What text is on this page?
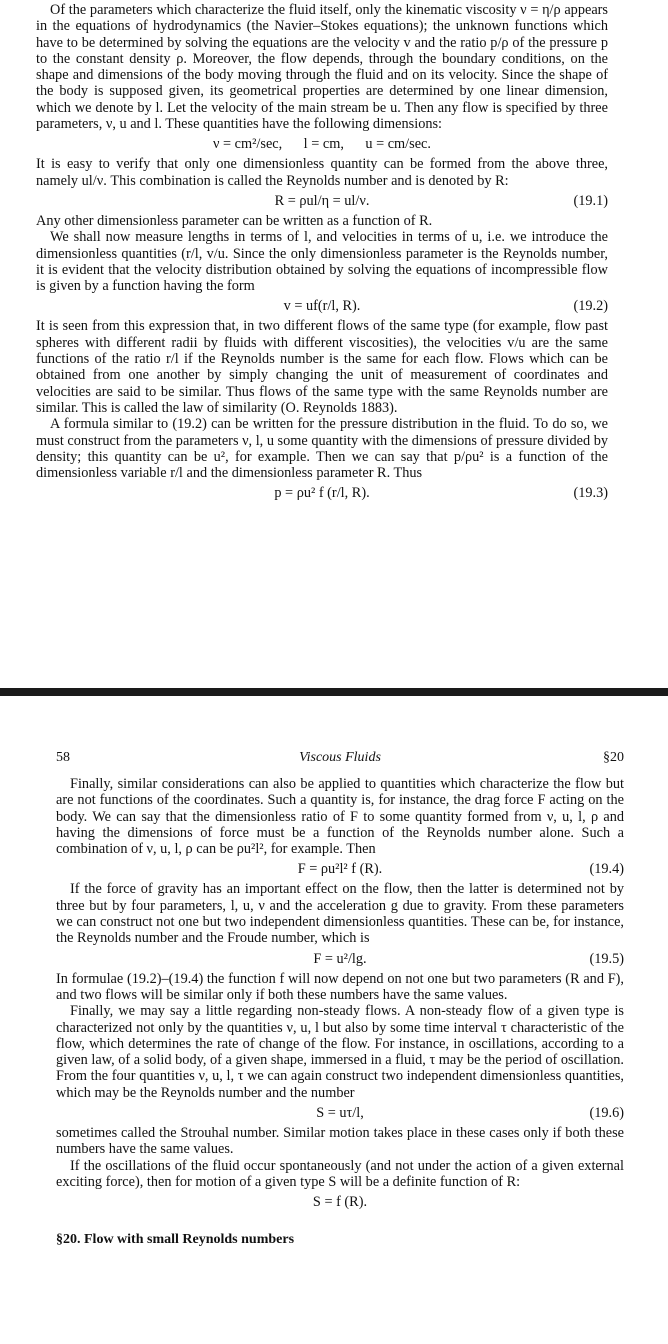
Of the parameters which characterize the fluid itself, only the kinematic viscosity ν = η/ρ appears in the equations of hydrodynamics (the Navier–Stokes equations); the unknown functions which have to be determined by solving the equations are the velocity v and the ratio p/ρ of the pressure p to the constant density ρ. Moreover, the flow depends, through the boundary conditions, on the shape and dimensions of the body moving through the fluid and on its velocity. Since the shape of the body is supposed given, its geometrical properties are determined by one linear dimension, which we denote by l. Let the velocity of the main stream be u. Then any flow is specified by three parameters, ν, u and l. These quantities have the following dimensions:

ν = cm²/sec,      l = cm,      u = cm/sec.

It is easy to verify that only one dimensionless quantity can be formed from the above three, namely ul/ν. This combination is called the Reynolds number and is denoted by R:

R = ρul/η = ul/ν.	(19.1)

Any other dimensionless parameter can be written as a function of R.

We shall now measure lengths in terms of l, and velocities in terms of u, i.e. we introduce the dimensionless quantities (r/l, v/u. Since the only dimensionless parameter is the Reynolds number, it is evident that the velocity distribution obtained by solving the equations of incompressible flow is given by a function having the form

v = uf(r/l, R).	(19.2)

It is seen from this expression that, in two different flows of the same type (for example, flow past spheres with different radii by fluids with different viscosities), the velocities v/u are the same functions of the ratio r/l if the Reynolds number is the same for each flow. Flows which can be obtained from one another by simply changing the unit of measurement of coordinates and velocities are said to be similar. Thus flows of the same type with the same Reynolds number are similar. This is called the law of similarity (O. Reynolds 1883).

A formula similar to (19.2) can be written for the pressure distribution in the fluid. To do so, we must construct from the parameters ν, l, u some quantity with the dimensions of pressure divided by density; this quantity can be u², for example. Then we can say that p/ρu² is a function of the dimensionless variable r/l and the dimensionless parameter R. Thus

p = ρu² f (r/l, R).	(19.3)
58	Viscous Fluids	§20

Finally, similar considerations can also be applied to quantities which characterize the flow but are not functions of the coordinates. Such a quantity is, for instance, the drag force F acting on the body. We can say that the dimensionless ratio of F to some quantity formed from ν, u, l, ρ and having the dimensions of force must be a function of the Reynolds number alone. Such a combination of ν, u, l, ρ can be ρu²l², for example. Then

F = ρu²l² f (R).	(19.4)

If the force of gravity has an important effect on the flow, then the latter is determined not by three but by four parameters, l, u, ν and the acceleration g due to gravity. From these parameters we can construct not one but two independent dimensionless quantities. These can be, for instance, the Reynolds number and the Froude number, which is

F = u²/lg.	(19.5)

In formulae (19.2)–(19.4) the function f will now depend on not one but two parameters (R and F), and two flows will be similar only if both these numbers have the same values.

Finally, we may say a little regarding non-steady flows. A non-steady flow of a given type is characterized not only by the quantities ν, u, l but also by some time interval τ characteristic of the flow, which determines the rate of change of the flow. For instance, in oscillations, according to a given law, of a solid body, of a given shape, immersed in a fluid, τ may be the period of oscillation. From the four quantities ν, u, l, τ we can again construct two independent dimensionless quantities, which may be the Reynolds number and the number

S = uτ/l,	(19.6)

sometimes called the Strouhal number. Similar motion takes place in these cases only if both these numbers have the same values.

If the oscillations of the fluid occur spontaneously (and not under the action of a given external exciting force), then for motion of a given type S will be a definite function of R:

S = f (R).
§20. Flow with small Reynolds numbers
